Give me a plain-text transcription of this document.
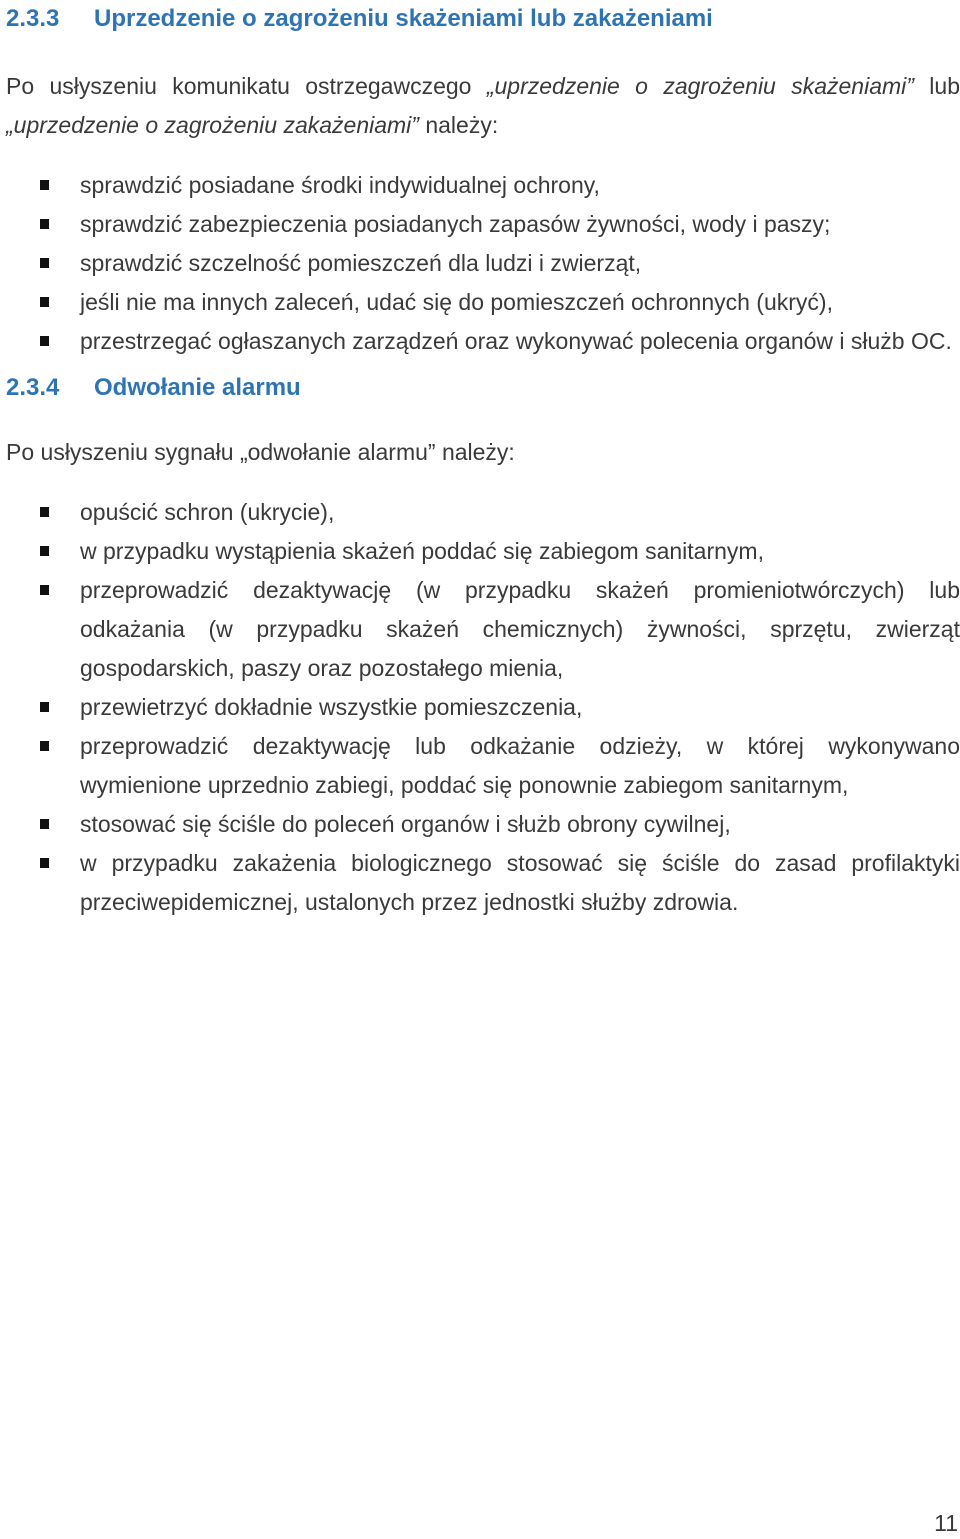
2.3.3 Uprzedzenie o zagrożeniu skażeniami lub zakażeniami

Po usłyszeniu komunikatu ostrzegawczego „uprzedzenie o zagrożeniu skażeniami” lub „uprzedzenie o zagrożeniu zakażeniami” należy:

sprawdzić posiadane środki indywidualnej ochrony,
sprawdzić zabezpieczenia posiadanych zapasów żywności, wody i paszy;
sprawdzić szczelność pomieszczeń dla ludzi i zwierząt,
jeśli nie ma innych zaleceń, udać się do pomieszczeń ochronnych (ukryć),
przestrzegać ogłaszanych zarządzeń oraz wykonywać polecenia organów i służb OC.
2.3.4 Odwołanie alarmu

Po usłyszeniu sygnału „odwołanie alarmu” należy:

opuścić schron (ukrycie),
w przypadku wystąpienia skażeń poddać się zabiegom sanitarnym,
przeprowadzić dezaktywację (w przypadku skażeń promieniotwórczych) lub odkażania (w przypadku skażeń chemicznych) żywności, sprzętu, zwierząt gospodarskich, paszy oraz pozostałego mienia,
przewietrzyć dokładnie wszystkie pomieszczenia,
przeprowadzić dezaktywację lub odkażanie odzieży, w której wykonywano wymienione uprzednio zabiegi, poddać się ponownie zabiegom sanitarnym,
stosować się ściśle do poleceń organów i służb obrony cywilnej,
w przypadku zakażenia biologicznego stosować się ściśle do zasad profilaktyki przeciwepidemicznej, ustalonych przez jednostki służby zdrowia.
11
